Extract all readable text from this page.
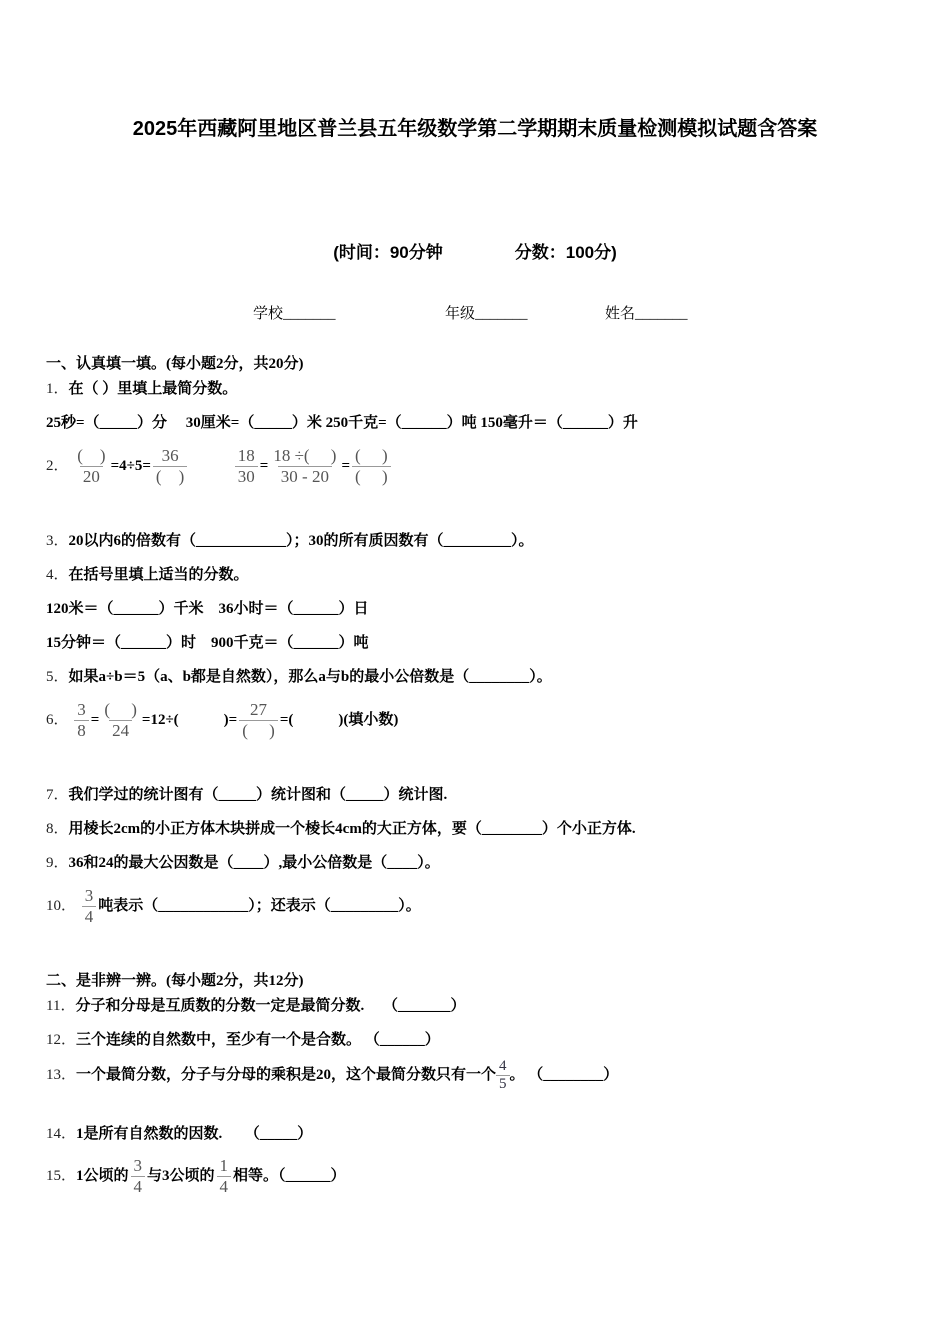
2025年西藏阿里地区普兰县五年级数学第二学期期末质量检测模拟试题含答案
(时间：90分钟	分数：100分)
学校_______	年级_______	姓名_______
一、认真填一填。(每小题2分，共20分)
1．在（ ）里填上最简分数。
25秒=（_____）分　 30厘米=（_____）米 250千克=（______）吨 150毫升＝（______）升
2． $\frac{( )}{20} =4\div 5= \frac{36}{( )}$
	$\frac{18}{30} = \frac{18 \div( )}{30 - 20} = \frac{( )}{( )}$
3．20以内6的倍数有（____________）；30的所有质因数有（_________）。
4．在括号里填上适当的分数。
120米＝（______）千米　36小时＝（______）日
15分钟＝（______）时　900千克＝（______）吨
5．如果a÷b＝5（a、b都是自然数），那么a与b的最小公倍数是（________）。
6． $\frac{3}{8} = \frac{( )}{24} =12\div$(　　　)= $\frac{27}{( )}$ =(　　　)(填小数)
7．我们学过的统计图有（_____）统计图和（_____）统计图.
8．用棱长2cm的小正方体木块拼成一个棱长4cm的大正方体，要（________）个小正方体.
9．36和24的最大公因数是（____）,最小公倍数是（____）。
10． $\frac{3}{4}$ 吨表示（____________）；还表示（_________）。
二、是非辨一辨。(每小题2分，共12分)
11．分子和分母是互质数的分数一定是最简分数.　 （_______）
12．三个连续的自然数中，至少有一个是合数。 （______）
13．一个最简分数，分子与分母的乘积是20，这个最简分数只有一个 $\frac{4}{5}$ 。 （________）
14．1是所有自然数的因数.　　（_____）
15．1公顷的 $\frac{3}{4}$ 与3公顷的 $\frac{1}{4}$ 相等。（______）
